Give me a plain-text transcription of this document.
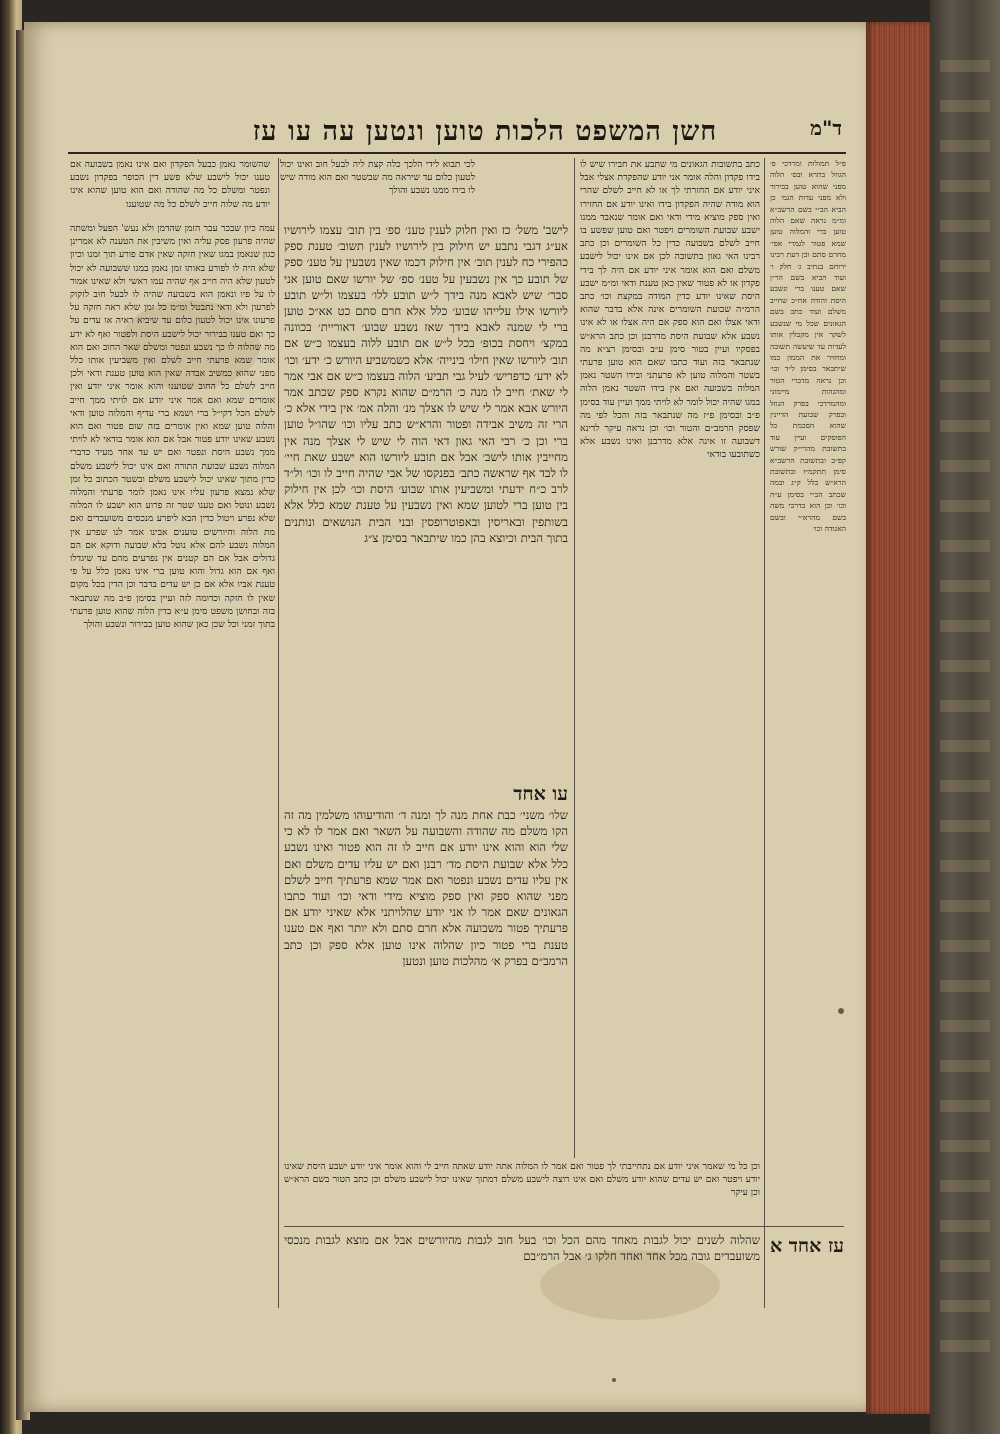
חשן המשפט הלכות טוען ונטען עה עו עז	ד"מ
שהשומר נאמן כבעל הפקדון ואם אינו נאמן בשבועה אם טענו יכול לישבע שלא פשע דין הכופר בפקדון נשבע ונפטר ומשלם כל מה שהודה ואם הוא טוען שהוא אינו יודע מה שלוה חייב לשלם כל מה שטוענו
לכי תבוא לידי הלכך כלה קצת ליה לבעל חוב ואינו יכול לטעון כלום עד שיראה מה שבשטר ואם הוא מודה שיש לו בידו ממנו נשבע והולך
פ״ל תמולות ומרדכי פ׳ הגוזל בתרא ובס׳ הלוה מפני שהוא טוען בבירור ולא מפני עדות הגמ׳ כן הביא הב״י בשם הרשב״א ומ״מ נראה שאם הלוה טוען ברי והמלוה טוען שמא פטור לגמרי אפי׳ מחרם סתם וכן דעת רבינו ירוחם בנתיב ג׳ חלק ו׳ ועוד הביא בשם הר״ן שאם טענו ברי ונשבע היסת והודה אח״כ שחייב משלם ועוד כתב בשם הגאונים שכל מי שנשבע לשקר אין מקבלין אותו לעדות עד שיעשה תשובה ומחזיר את הממון כמו שיתבאר בסימן ל״ד וכו׳ וכן נראה מדברי הטור ומהגהות מיימוני ומהמרדכי בפרק הגוזל ובפרק שבועת הדיינין שהוא הסכמת כל הפוסקים ועיין עוד בתשובת מהרי״ק שורש קפ״ב ובתשובת הרשב״א סימן תתקמ״ז ובתשובת הרא״ש כלל ק״ג ובמה שכתב הב״י בסימן ע״ה וכו׳ וכן הוא בדרכי משה בשם מהרא״י ובשם האגודה וכו׳
כתב בתשובות הגאונים מי שתבע את חבירו שיש לו בידו פקדון והלה אומר אני יודע שהפקדת אצלי אבל איני יודע אם החזרתי לך או לא חייב לשלם שהרי הוא מודה שהיה הפקדון בידו ואינו יודע אם החזירו ואין ספק מוציא מידי ודאי ואם אומר שנאבד ממנו ישבע שבועת השומרים ויפטר ואם טוען שפשע בו חייב לשלם בשבועה כדין כל השומרים וכן כתב רבינו האי גאון בתשובה לכן אם אינו יכול לישבע משלם ואם הוא אומר איני יודע אם היה לך בידי פקדון או לא פטור שאין כאן טענת ודאי ומ״מ ישבע היסת שאינו יודע כדין המודה במקצת וכו׳ כתב הרמ״ה שבועת השומרים אינה אלא בדבר שהוא ודאי אצלו ואם הוא ספק אם היה אצלו או לא אינו נשבע אלא שבועת היסת מדרבנן וכן כתב הרא״ש בפסקיו ועיין בטור סימן ע״ב ובסימן רצ״א מה שנתבאר בזה ועוד כתבו שאם הוא טוען פרעתי בשטר והמלוה טוען לא פרעתני ובידו השטר נאמן המלוה בשבועה ואם אין בידו השטר נאמן הלוה במגו שהיה יכול לומר לא לויתי ממך ועיין עוד בסימן פ״ב ובסימן פ״ז מה שנתבאר בזה והכל לפי מה שפסק הרמב״ם והטור וכו׳ וכן נראה עיקר לדינא דשבועה זו אינה אלא מדרבנן ואינו נשבע אלא כשתובעו בודאי
לישב' משל׳ כז ואין חלוק לענין טענ׳ ספ׳ בין תוב׳ עצמו לירושיו אע״ג דגבי נתבע יש חילוק בין לירושיו לענין תשוב׳ טענת ספק כהפירי כח לענין תוב׳ אין חילוק דכמו שאין נשבעין על טענ׳ ספק של תובע כך אין נשבעין על טענ׳ ספ׳ של יורשו שאם טוען אני סבר׳ שיש לאבא מנה בידך ל״ש תובע ללו׳ בעצמו ול״ש תובע ליורשו אילו עלייהו שבוע׳ כלל אלא חרם סתם כט אא״כ טוען ברי לי שמנה לאבא בידך שאז נשבע שבוע׳ דאוריית׳ בכוונה במקצ׳ ויחסת בכופ׳ בכל ל״ש אם תובע ללוה בעצמו כ״ש אם תוב׳ ליורשו שאין חילו׳ בינייה׳ אלא כשמשביע היורש כ׳ ידע׳ וכו׳ לא ידע׳ כדפריש׳ לעיל גבי תביע׳ הלוה בעצמו כ״ש אם אבי אמר לי שאת׳ חייב לו מנה כ׳ הרמ״ם שהוא נקרא ספק שכתב אמר היורש אבא אמר לי שיש לו אצלך מנ׳ והלה אמ׳ אין בידי אלא כ׳ הרי זה משיב אבידה ופטור והרא״ש כתב עליו וכו׳ שהו״ל טוען ברי וכן כ׳ רבי האי גאון דאי הוה לי שיש לי אצלך מנה אין מחייבין אותו לישב׳ אבל אם תובע ליורשו הוא ישבע שאת חיי׳ לו לבד אף שראשה כתב׳ בפנקסו של אבי שהיה חייב לו וכו׳ ול״ד לרב כ״ח ידעתי ומשביעין אותו שבוע׳ היסת וכו׳ לכן אין חילוק בין טוען ברי לטוען שמא ואין נשבעין על טענת שמא כלל אלא בשותפין ובאריסין ובאפוטרופסין ובני הבית הנושאים ונותנים בתוך הבית וכיוצא בהן כמו שיתבאר בסימן צ״ג
עו אחד
שלו׳ משני׳ כבת אחת מנה לך ומנה ד׳ והודיעוהו משלמין מה זה הקו משלם מה שהודה והשבועה על השאר ואם אמר לו לא כי שלי הוא והוא אינו יודע אם חייב לו זה הוא פטור ואינו נשבע כלל אלא שבועת היסת מד׳ רבנן ואם יש עליו עדים משלם ואם אין עליו עדים נשבע ונפטר ואם אמר שמא פרעתיך חייב לשלם מפני שהוא ספק ואין ספק מוציא מידי ודאי וכו׳ ועוד כתבו הגאונים שאם אמר לו אני יודע שהלויתני אלא שאיני יודע אם פרעתיך פטור משבועה אלא חרם סתם ולא יותר ואף אם טענו טענת ברי פטור כיון שהלוה אינו טוען אלא ספק וכן כתב הרמב״ם בפרק א׳ מהלכות טוען ונטען
עמה כיון שבכר עבר הזמן שהדמן ולא נעש' הפעל ומשתה שהיה פרעון פסק עליה ואין משיבין את הטענה לא אמרינן כגון שנאמן במגו שאין חזקה שאין אדם פורע תוך זמנו וכיון שלא היה לו לפורע באותו זמן נאמן במגו ששבועה לא יכול לטעון שלא היה חייב אף שהיה עמו ראשי ולא שאינו אמור לו על פיו ונאמן הוא בשבועה שהיה לו לבעל חוב לזקוק לפרעון ולא ודאי נתבטל ומ״מ כל זמן שלא ראה חזקה על פרעונו אינו יכול לטעון כלום עד שיביא ראיה או עדים על כך ואם טענו בבירור יכול לישבע היסת ולפטור ואף לא ידע מה שהלוה לו כך נשבע ונפטר ומשלם שאר החוב ואם הוא אומר שמא פרעתי חייב לשלם ואין משביעין אותו כלל מפני שהוא כמשיב אבדה שאין הוא טוען טענת ודאי ולכן חייב לשלם כל החוב שטוענו והוא אומר איני יודע ואין אומרים שמא ואם אמר איני יודע אם לויתי ממך חייב לשלם הכל דקי״ל ברי ושמא ברי עדיף והמלוה טוען ודאי והלוה טוען שמא ואין אומרים בזה שום פטור ואם הוא נשבע שאינו יודע פטור אבל אם הוא אומר בודאי לא לויתי ממך נשבע היסת ונפטר ואם יש עד אחד מעיד כדברי המלוה נשבע שבועת התורה ואם אינו יכול לישבע משלם כדין מתוך שאינו יכול לישבע משלם ובשטר הכתוב כל זמן שלא נמצא פרעון עליו אינו נאמן לומר פרעתי והמלוה נשבע ונוטל ואם טענו שטר זה פרוע הוא ישבע לו המלוה שלא נפרע ויטול כדין הבא ליפרע מנכסים משועבדים ואם מת הלוה והיורשים טוענים אבינו אמר לנו שפרע אין המלוה נשבע להם אלא נוטל בלא שבועה ודוקא אם הם גדולים אבל אם הם קטנים אין נפרעים מהם עד שיגדלו ואף אם הוא גדול והוא טוען ברי אינו נאמן כלל על פי טענת אביו אלא אם כן יש עדים בדבר וכן הדין בכל מקום שאין לו חזקה וכדומה לזה ועיין בסימן פ״ב מה שנתבאר בזה ובחושן משפט סימן ע״א בדין הלוה שהוא טוען פרעתי בתוך זמני וכל שכן כאן שהוא טוען בבירור ונשבע והולך
וכן כל מי שאמר איני יודע אם נתחייבתי לך פטור ואם אמר לו המלוה אתה יודע שאתה חייב לי והוא אומר איני יודע ישבע היסת שאינו יודע ויפטר ואם יש עדים שהוא יודע משלם ואם אינו רוצה לישבע משלם דמתוך שאינו יכול לישבע משלם וכן כתב הטור בשם הרא״ש וכן עיקר
עז אחד א
שהלוה לשנים יכול לגבות מאחד מהם הכל וכו׳ בעל חוב לגבות מהיורשים אבל אם מוצא לגבות מנכסי משועבדים גובה מכל אחד ואחד חלקו ג׳ אבל הרמ״בם
